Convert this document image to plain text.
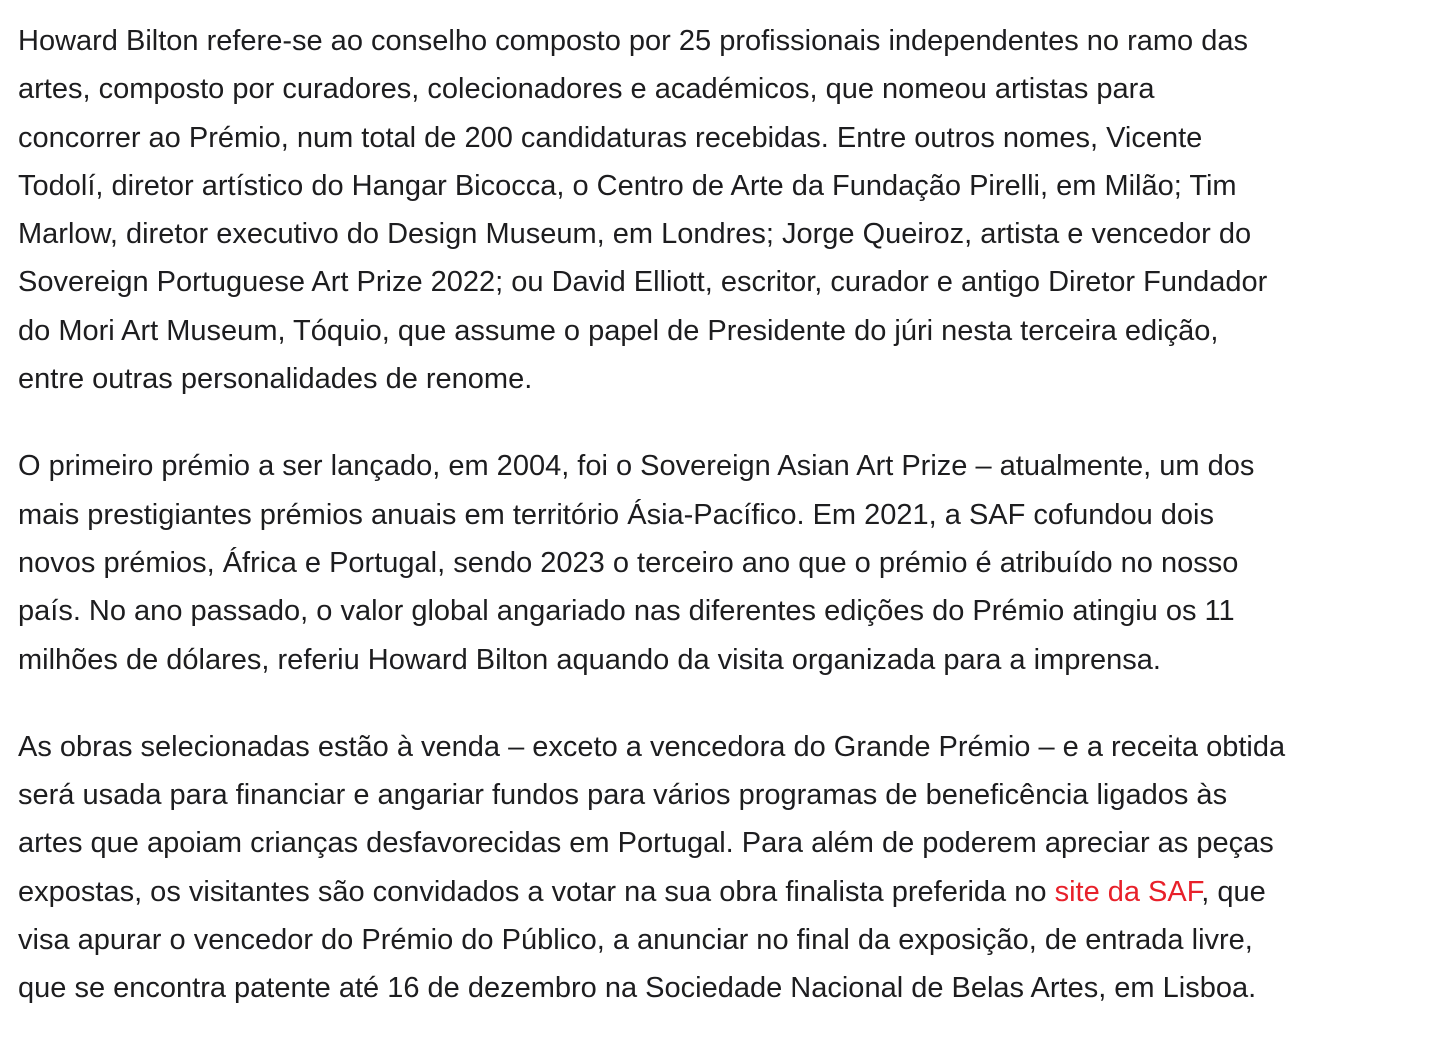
Howard Bilton refere-se ao conselho composto por 25 profissionais independentes no ramo das
artes, composto por curadores, colecionadores e académicos, que nomeou artistas para
concorrer ao Prémio, num total de 200 candidaturas recebidas. Entre outros nomes, Vicente
Todolí, diretor artístico do Hangar Bicocca, o Centro de Arte da Fundação Pirelli, em Milão; Tim
Marlow, diretor executivo do Design Museum, em Londres; Jorge Queiroz, artista e vencedor do
Sovereign Portuguese Art Prize 2022; ou David Elliott, escritor, curador e antigo Diretor Fundador
do Mori Art Museum, Tóquio, que assume o papel de Presidente do júri nesta terceira edição,
entre outras personalidades de renome.

O primeiro prémio a ser lançado, em 2004, foi o Sovereign Asian Art Prize – atualmente, um dos
mais prestigiantes prémios anuais em território Ásia-Pacífico. Em 2021, a SAF cofundou dois
novos prémios, África e Portugal, sendo 2023 o terceiro ano que o prémio é atribuído no nosso
país. No ano passado, o valor global angariado nas diferentes edições do Prémio atingiu os 11
milhões de dólares, referiu Howard Bilton aquando da visita organizada para a imprensa.

As obras selecionadas estão à venda – exceto a vencedora do Grande Prémio – e a receita obtida
será usada para financiar e angariar fundos para vários programas de beneficência ligados às
artes que apoiam crianças desfavorecidas em Portugal. Para além de poderem apreciar as peças
expostas, os visitantes são convidados a votar na sua obra finalista preferida no site da SAF, que
visa apurar o vencedor do Prémio do Público, a anunciar no final da exposição, de entrada livre,
que se encontra patente até 16 de dezembro na Sociedade Nacional de Belas Artes, em Lisboa.
